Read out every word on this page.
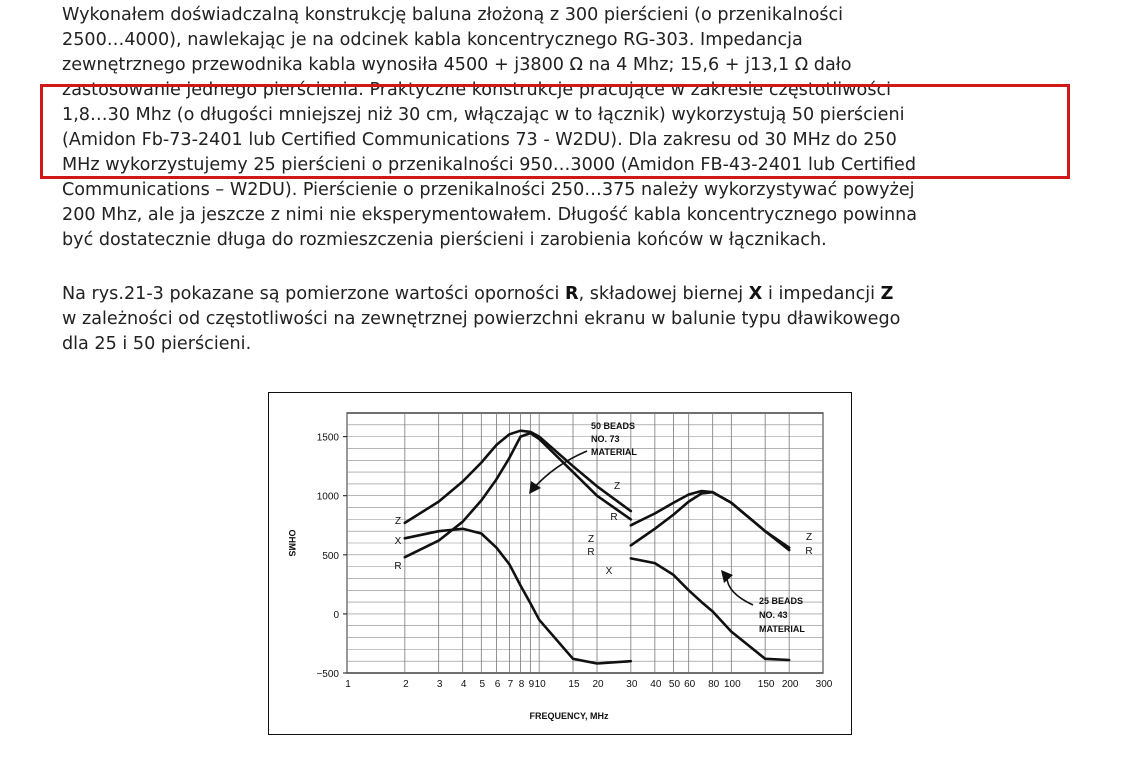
Wykonałem doświadczalną konstrukcję baluna złożoną z 300 pierścieni (o przenikalności
2500…4000), nawlekając je na odcinek kabla koncentrycznego RG-303. Impedancja
zewnętrznego przewodnika kabla wynosiła 4500 + j3800 Ω na 4 Mhz; 15,6 + j13,1 Ω dało
zastosowanie jednego pierścienia. Praktyczne konstrukcje pracujące w zakresie częstotliwości
1,8…30 Mhz (o długości mniejszej niż 30 cm, włączając w to łącznik) wykorzystują 50 pierścieni
(Amidon Fb-73-2401 lub Certified Communications 73 - W2DU). Dla zakresu od 30 MHz do 250
MHz wykorzystujemy 25 pierścieni o przenikalności 950…3000 (Amidon FB-43-2401 lub Certified
Communications – W2DU). Pierścienie o przenikalności 250…375 należy wykorzystywać powyżej
200 Mhz, ale ja jeszcze z nimi nie eksperymentowałem. Długość kabla koncentrycznego powinna
być dostatecznie długa do rozmieszczenia pierścieni i zarobienia końców w łącznikach.
Na rys.21-3 pokazane są pomierzone wartości oporności R, składowej biernej X i impedancji Z
w zależności od częstotliwości na zewnętrznej powierzchni ekranu w balunie typu dławikowego
dla 25 i 50 pierścieni.
1	2	3 4 5 6 7 8 9 10 15 20 30 40 50 60 80 100 150 200 300
1500
1000
500
0
−500
FREQUENCY, MHz
OHMS
Z
X
R
Z
R
Z
R
X
Z
R
50 BEADS
NO. 73
MATERIAL
25 BEADS
NO. 43
MATERIAL
